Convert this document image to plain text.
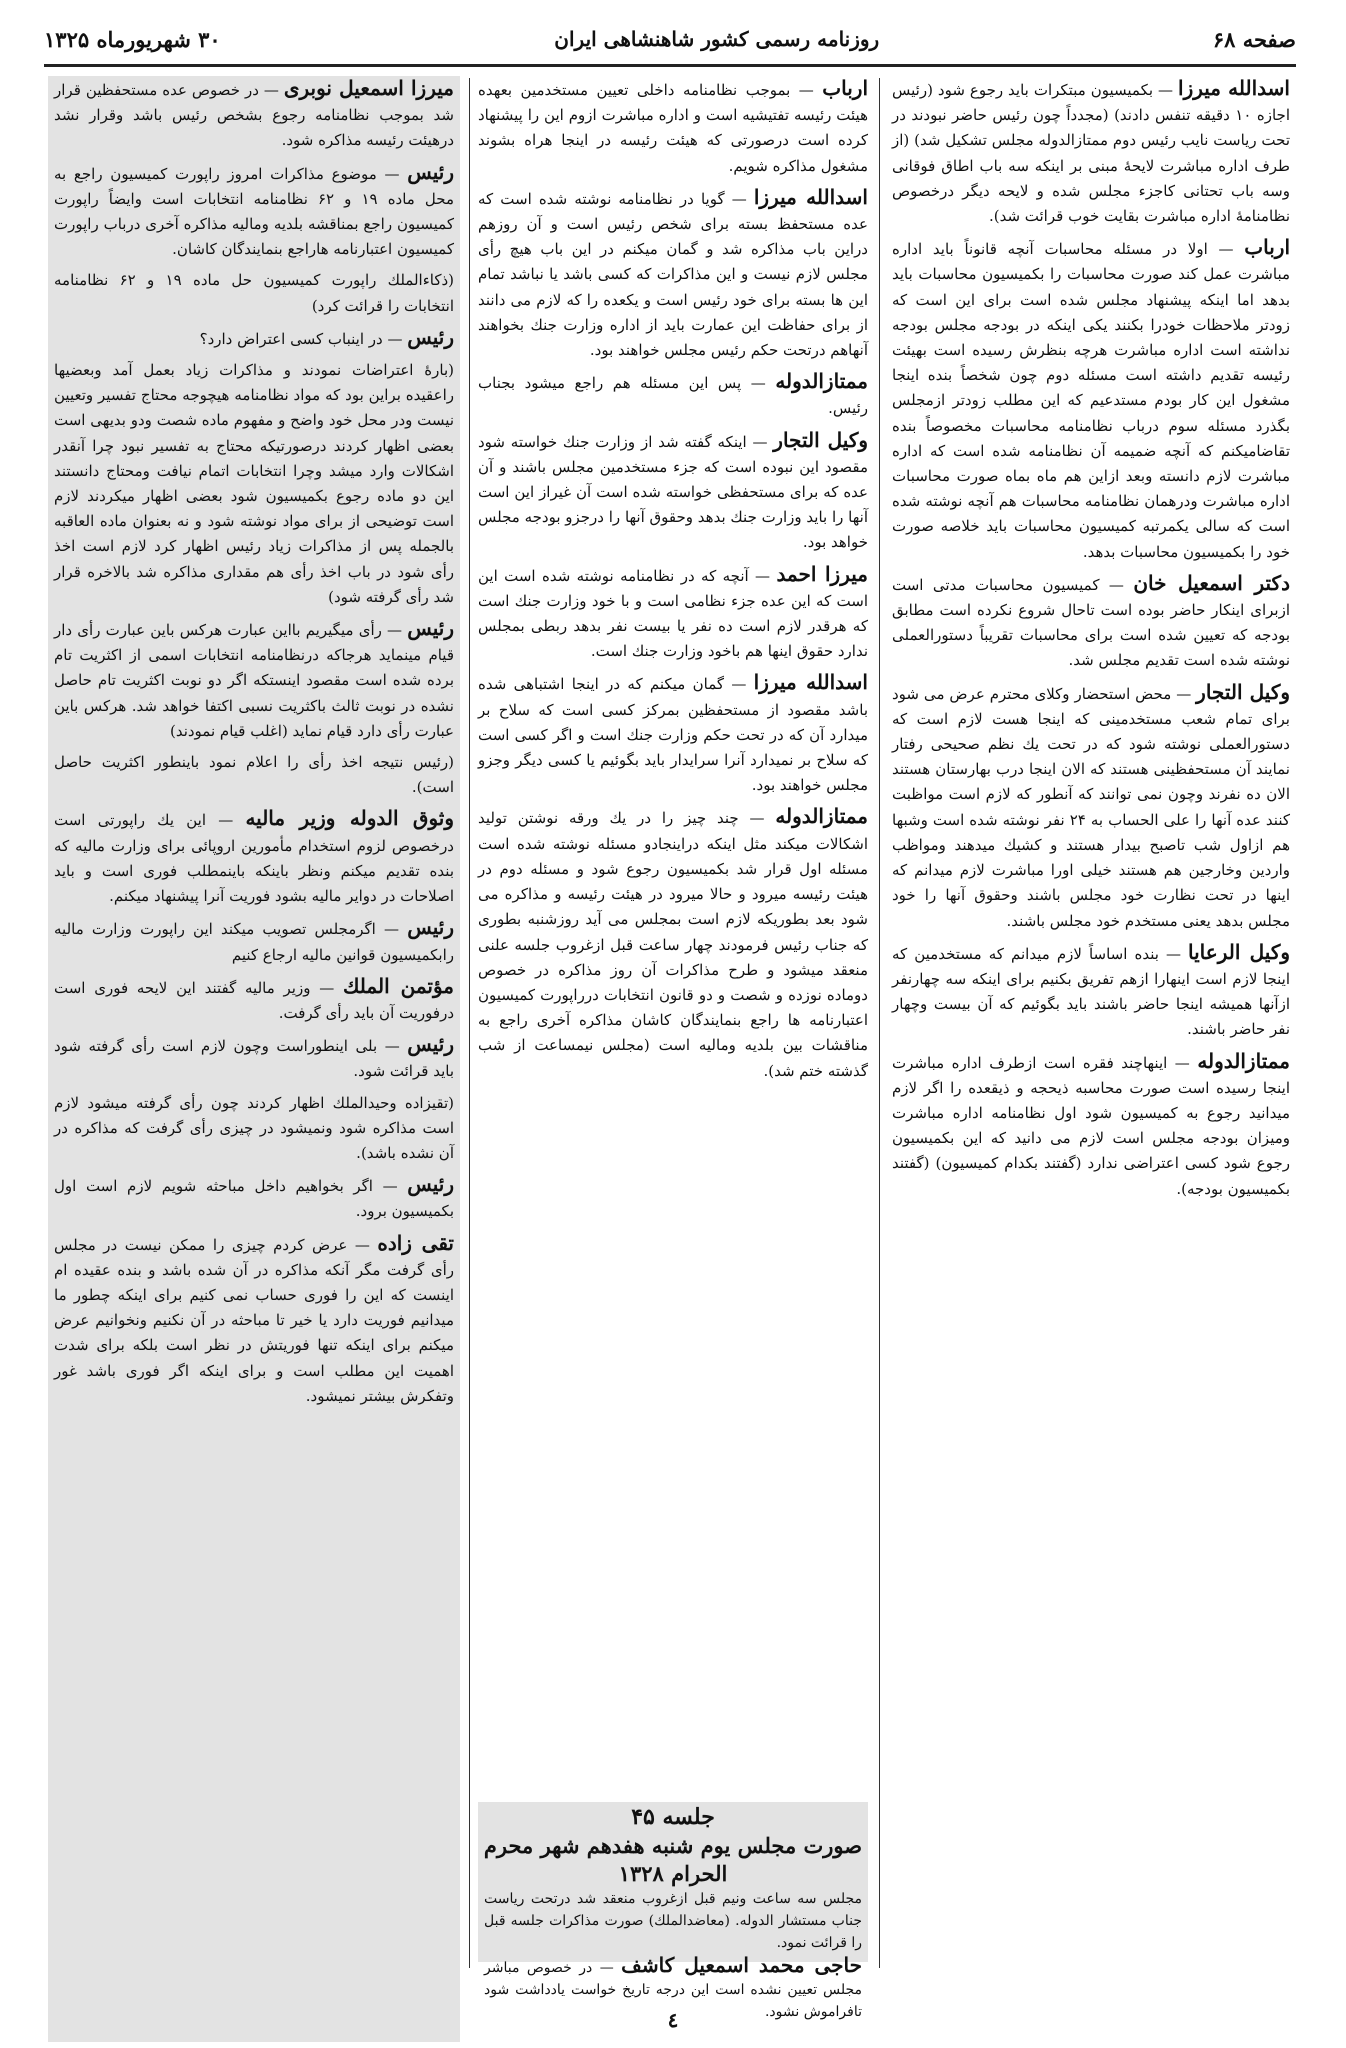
صفحه ۶۸
روزنامه رسمی کشور شاهنشاهی ایران
۳۰ شهریورماه ۱۳۲۵
اسدالله میرزا — بکمیسیون مبتکرات باید رجوع شود (رئیس اجازه ۱۰ دقیقه تنفس دادند) (مجدداً چون رئیس حاضر نبودند در تحت ریاست نایب رئیس دوم ممتازالدوله مجلس تشکیل شد) (از طرف اداره مباشرت لایحهٔ مبنی بر اینکه سه باب اطاق فوقانی وسه باب تحتانی کاجزء مجلس شده و لایحه دیگر درخصوص نظامنامهٔ اداره مباشرت بقایت خوب قرائت شد).
ارباب — اولا در مسئله محاسبات آنچه قانوناً باید اداره مباشرت عمل کند صورت محاسبات را بکمیسیون محاسبات باید بدهد اما اینکه پیشنهاد مجلس شده است برای این است که زودتر ملاحظات خودرا بکنند یکی اینکه در بودجه مجلس بودجه نداشته است اداره مباشرت هرچه بنظرش رسیده است بهیئت رئیسه تقدیم داشته است مسئله دوم چون شخصاً بنده اینجا مشغول این کار بودم مستدعیم که این مطلب زودتر ازمجلس بگذرد مسئله سوم درباب نظامنامه محاسبات مخصوصاً بنده تقاضامیکنم که آنچه ضمیمه آن نظامنامه شده است که اداره مباشرت لازم دانسته وبعد ازاین هم ماه بماه صورت محاسبات اداره مباشرت ودرهمان نظامنامه محاسبات هم آنچه نوشته شده است که سالی یکمرتبه کمیسیون محاسبات باید خلاصه صورت خود را بکمیسیون محاسبات بدهد.
دکتر اسمعیل خان — کمیسیون محاسبات مدتی است ازبرای اینکار حاضر بوده است تاحال شروع نکرده است مطابق بودجه که تعیین شده است برای محاسبات تقریباً دستورالعملی نوشته شده است تقدیم مجلس شد.
وکیل التجار — محض استحضار وکلای محترم عرض می شود برای تمام شعب مستخدمینی که اینجا هست لازم است که دستورالعملی نوشته شود که در تحت یك نظم صحیحی رفتار نمایند آن مستحفظینی هستند که الان اینجا درب بهارستان هستند الان ده نفرند وچون نمی توانند که آنطور که لازم است مواظبت کنند عده آنها را علی الحساب به ۲۴ نفر نوشته شده است وشبها هم ازاول شب تاصبح بیدار هستند و کشیك میدهند ومواظب واردین وخارجین هم هستند خیلی اورا مباشرت لازم میدانم که اینها در تحت نظارت خود مجلس باشند وحقوق آنها را خود مجلس بدهد یعنی مستخدم خود مجلس باشند.
وکیل الرعایا — بنده اساساً لازم میدانم که مستخدمین که اینجا لازم است اینهارا ازهم تفریق بکنیم برای اینکه سه چهارنفر ازآنها همیشه اینجا حاضر باشند باید بگوئیم که آن بیست وچهار نفر حاضر باشند.
ممتازالدوله — اینهاچند فقره است ازطرف اداره مباشرت اینجا رسیده است صورت محاسبه ذیحجه و ذیقعده را اگر لازم میدانید رجوع به کمیسیون شود اول نظامنامه اداره مباشرت ومیزان بودجه مجلس است لازم می دانید که این بکمیسیون رجوع شود کسی اعتراضی ندارد (گفتند بکدام کمیسیون) (گفتند بکمیسیون بودجه).
ارباب — بموجب نظامنامه داخلی تعیین مستخدمین بعهده هیئت رئیسه تفتیشیه است و اداره مباشرت ازوم این را پیشنهاد کرده است درصورتی که هیئت رئیسه در اینجا هراه بشوند مشغول مذاکره شویم.
اسدالله میرزا — گویا در نظامنامه نوشته شده است که عده مستحفظ بسته برای شخص رئیس است و آن روزهم دراین باب مذاکره شد و گمان میکنم در این باب هیچ رأی مجلس لازم نیست و این مذاکرات که کسی باشد یا نباشد تمام این ها بسته برای خود رئیس است و یکعده را که لازم می دانند از برای حفاظت این عمارت باید از اداره وزارت جنك بخواهند آنهاهم درتحت حکم رئیس مجلس خواهند بود.
ممتازالدوله — پس این مسئله هم راجع میشود بجناب رئیس.
وکیل التجار — اینکه گفته شد از وزارت جنك خواسته شود مقصود این نبوده است که جزء مستخدمین مجلس باشند و آن عده که برای مستحفظی خواسته شده است آن غیراز این است آنها را باید وزارت جنك بدهد وحقوق آنها را درجزو بودجه مجلس خواهد بود.
میرزا احمد — آنچه که در نظامنامه نوشته شده است این است که این عده جزء نظامی است و با خود وزارت جنك است که هرقدر لازم است ده نفر یا بیست نفر بدهد ربطی بمجلس ندارد حقوق اینها هم باخود وزارت جنك است.
اسدالله میرزا — گمان میکنم که در اینجا اشتباهی شده باشد مقصود از مستحفظین بمرکز کسی است که سلاح بر میدارد آن که در تحت حکم وزارت جنك است و اگر کسی است که سلاح بر نمیدارد آنرا سرایدار باید بگوئیم یا کسی دیگر وجزو مجلس خواهند بود.
ممتازالدوله — چند چیز را در یك ورقه نوشتن تولید اشکالات میکند مثل اینکه دراینجادو مسئله نوشته شده است مسئله اول قرار شد بکمیسیون رجوع شود و مسئله دوم در هیئت رئیسه میرود و حالا میرود در هیئت رئیسه و مذاکره می شود بعد بطوریکه لازم است بمجلس می آید روزشنبه بطوری که جناب رئیس فرمودند چهار ساعت قبل ازغروب جلسه علنی منعقد میشود و طرح مذاکرات آن روز مذاکره در خصوص دوماده نوزده و شصت و دو قانون انتخابات درراپورت کمیسیون اعتبارنامه ها راجع بنمایندگان کاشان مذاکره آخری راجع به مناقشات بین بلدیه ومالیه است (مجلس نیمساعت از شب گذشته ختم شد).
میرزا اسمعیل نوبری — در خصوص عده مستحفظین قرار شد بموجب نظامنامه رجوع بشخص رئیس باشد وقرار نشد درهیئت رئیسه مذاکره شود.
رئیس — موضوع مذاکرات امروز راپورت کمیسیون راجع به محل ماده ۱۹ و ۶۲ نظامنامه انتخابات است وایضاً راپورت کمیسیون راجع بمناقشه بلدیه ومالیه مذاکره آخری درباب راپورت کمیسیون اعتبارنامه هاراجع بنمایندگان کاشان.
(ذکاءالملك راپورت کمیسیون حل ماده ۱۹ و ۶۲ نظامنامه انتخابات را قرائت کرد)
رئیس — در اینباب کسی اعتراض دارد؟
(بارهٔ اعتراضات نمودند و مذاکرات زیاد بعمل آمد وبعضیها راعقیده براین بود که مواد نظامنامه هیچوجه محتاج تفسیر وتعیین نیست ودر محل خود واضح و مفهوم ماده شصت ودو بدیهی است بعضی اظهار کردند درصورتیکه محتاج به تفسیر نبود چرا آنقدر اشکالات وارد میشد وچرا انتخابات اتمام نیافت ومحتاج دانستند این دو ماده رجوع بکمیسیون شود بعضی اظهار میکردند لازم است توضیحی از برای مواد نوشته شود و نه بعنوان ماده العاقبه بالجمله پس از مذاکرات زیاد رئیس اظهار کرد لازم است اخذ رأی شود در باب اخذ رأی هم مقداری مذاکره شد بالاخره قرار شد رأی گرفته شود)
رئیس — رأی میگیریم بااین عبارت هرکس باین عبارت رأی دار قیام مینماید هرجاکه درنظامنامه انتخابات اسمی از اکثریت تام برده شده است مقصود اینستکه اگر دو نوبت اکثریت تام حاصل نشده در نوبت ثالث باکثریت نسبی اکتفا خواهد شد. هرکس باین عبارت رأی دارد قیام نماید (اغلب قیام نمودند)
(رئیس نتیجه اخذ رأی را اعلام نمود باینطور اکثریت حاصل است).
وثوق الدوله وزیر مالیه — این یك راپورتی است درخصوص لزوم استخدام مأمورین اروپائی برای وزارت مالیه که بنده تقدیم میکنم ونظر باینکه باینمطلب فوری است و باید اصلاحات در دوایر مالیه بشود فوریت آنرا پیشنهاد میکنم.
رئیس — اگرمجلس تصویب میکند این راپورت وزارت مالیه رابکمیسیون قوانین مالیه ارجاع کنیم
مؤتمن الملك — وزیر مالیه گفتند این لایحه فوری است درفوریت آن باید رأی گرفت.
رئیس — بلی اینطوراست وچون لازم است رأی گرفته شود باید قرائت شود.
(تقیزاده وحیدالملك اظهار کردند چون رأی گرفته میشود لازم است مذاکره شود ونمیشود در چیزی رأی گرفت که مذاکره در آن نشده باشد).
رئیس — اگر بخواهیم داخل مباحثه شویم لازم است اول بکمیسیون برود.
تقی زاده — عرض کردم چیزی را ممکن نیست در مجلس رأی گرفت مگر آنکه مذاکره در آن شده باشد و بنده عقیده ام اینست که این را فوری حساب نمی کنیم برای اینکه چطور ما میدانیم فوریت دارد یا خیر تا مباحثه در آن نکنیم ونخوانیم عرض میکنم برای اینکه تنها فوریتش در نظر است بلکه برای شدت اهمیت این مطلب است و برای اینکه اگر فوری باشد غور وتفکرش بیشتر نمیشود.
جلسه ۴۵
صورت مجلس یوم شنبه هفدهم شهر محرم الحرام ۱۳۲۸
مجلس سه ساعت ونیم قبل ازغروب منعقد شد درتحت ریاست جناب مستشار الدوله. (معاضدالملك) صورت مذاکرات جلسه قبل را قرائت نمود.
حاجی محمد اسمعیل کاشف — در خصوص مباشر مجلس تعیین نشده است این درجه تاریخ خواست یادداشت شود تافراموش نشود.
٤
